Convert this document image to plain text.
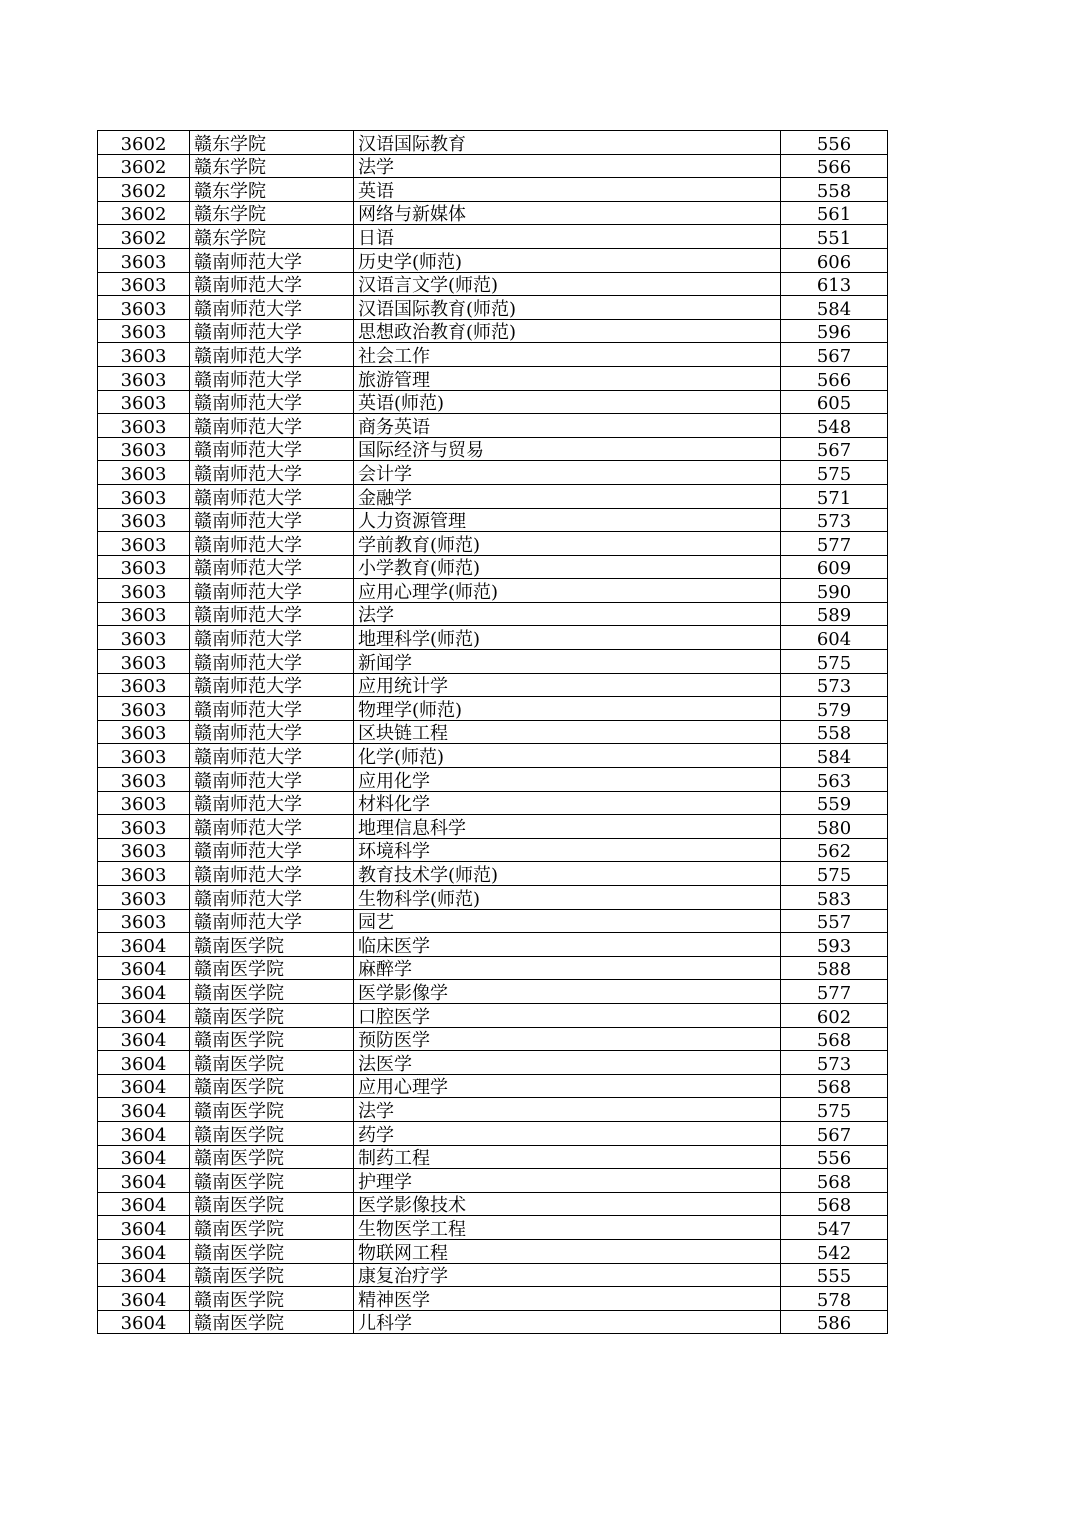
3602	赣东学院	汉语国际教育	556
3602	赣东学院	法学	566
3602	赣东学院	英语	558
3602	赣东学院	网络与新媒体	561
3602	赣东学院	日语	551
3603	赣南师范大学	历史学(师范)	606
3603	赣南师范大学	汉语言文学(师范)	613
3603	赣南师范大学	汉语国际教育(师范)	584
3603	赣南师范大学	思想政治教育(师范)	596
3603	赣南师范大学	社会工作	567
3603	赣南师范大学	旅游管理	566
3603	赣南师范大学	英语(师范)	605
3603	赣南师范大学	商务英语	548
3603	赣南师范大学	国际经济与贸易	567
3603	赣南师范大学	会计学	575
3603	赣南师范大学	金融学	571
3603	赣南师范大学	人力资源管理	573
3603	赣南师范大学	学前教育(师范)	577
3603	赣南师范大学	小学教育(师范)	609
3603	赣南师范大学	应用心理学(师范)	590
3603	赣南师范大学	法学	589
3603	赣南师范大学	地理科学(师范)	604
3603	赣南师范大学	新闻学	575
3603	赣南师范大学	应用统计学	573
3603	赣南师范大学	物理学(师范)	579
3603	赣南师范大学	区块链工程	558
3603	赣南师范大学	化学(师范)	584
3603	赣南师范大学	应用化学	563
3603	赣南师范大学	材料化学	559
3603	赣南师范大学	地理信息科学	580
3603	赣南师范大学	环境科学	562
3603	赣南师范大学	教育技术学(师范)	575
3603	赣南师范大学	生物科学(师范)	583
3603	赣南师范大学	园艺	557
3604	赣南医学院	临床医学	593
3604	赣南医学院	麻醉学	588
3604	赣南医学院	医学影像学	577
3604	赣南医学院	口腔医学	602
3604	赣南医学院	预防医学	568
3604	赣南医学院	法医学	573
3604	赣南医学院	应用心理学	568
3604	赣南医学院	法学	575
3604	赣南医学院	药学	567
3604	赣南医学院	制药工程	556
3604	赣南医学院	护理学	568
3604	赣南医学院	医学影像技术	568
3604	赣南医学院	生物医学工程	547
3604	赣南医学院	物联网工程	542
3604	赣南医学院	康复治疗学	555
3604	赣南医学院	精神医学	578
3604	赣南医学院	儿科学	586
